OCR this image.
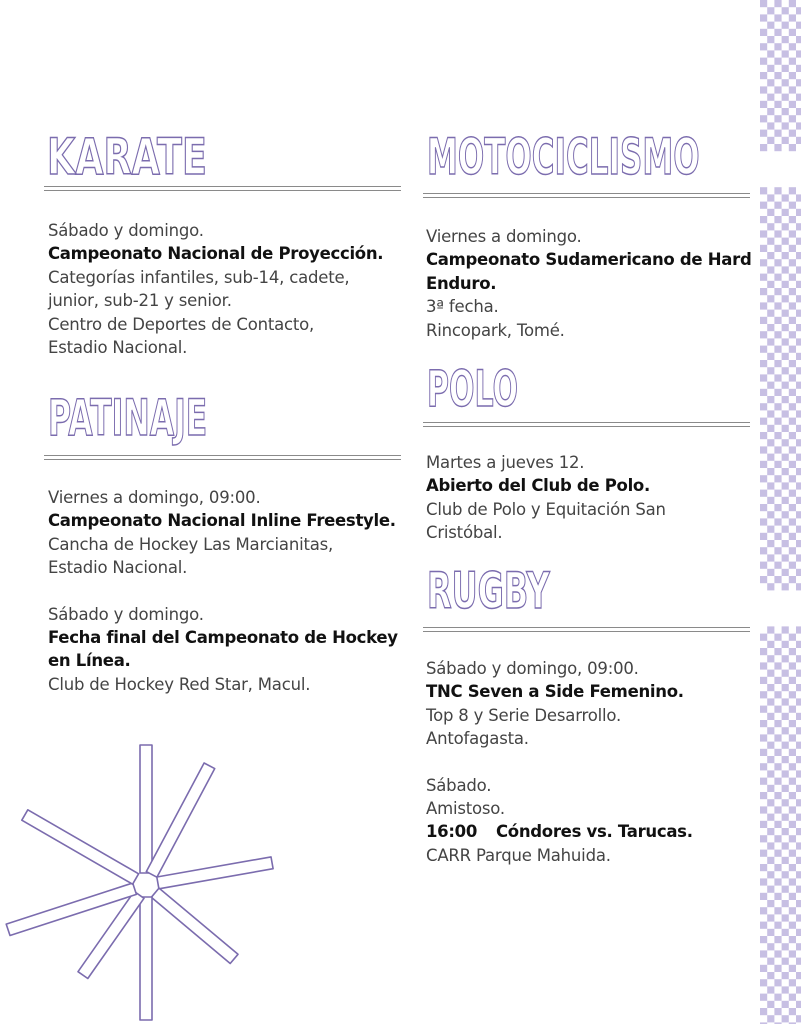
KARATE

Sábado y domingo.

Campeonato Nacional de Proyección.

Categorías infantiles, sub-14, cadete,

junior, sub-21 y senior.

Centro de Deportes de Contacto,

Estadio Nacional.

PATINAJE

Viernes a domingo, 09:00.

Campeonato Nacional Inline Freestyle.

Cancha de Hockey Las Marcianitas,

Estadio Nacional.

Sábado y domingo.

Fecha final del Campeonato de Hockey

en Línea.

Club de Hockey Red Star, Macul.

MOTOCICLISMO

Viernes a domingo.

Campeonato Sudamericano de Hard

Enduro.

3ª fecha.

Rincopark, Tomé.

POLO

Martes a jueves 12.

Abierto del Club de Polo.

Club de Polo y Equitación San

Cristóbal.

RUGBY

Sábado y domingo, 09:00.

TNC Seven a Side Femenino.

Top 8 y Serie Desarrollo.

Antofagasta.

Sábado.

Amistoso.

16:00 Cóndores vs. Tarucas.

CARR Parque Mahuida.
